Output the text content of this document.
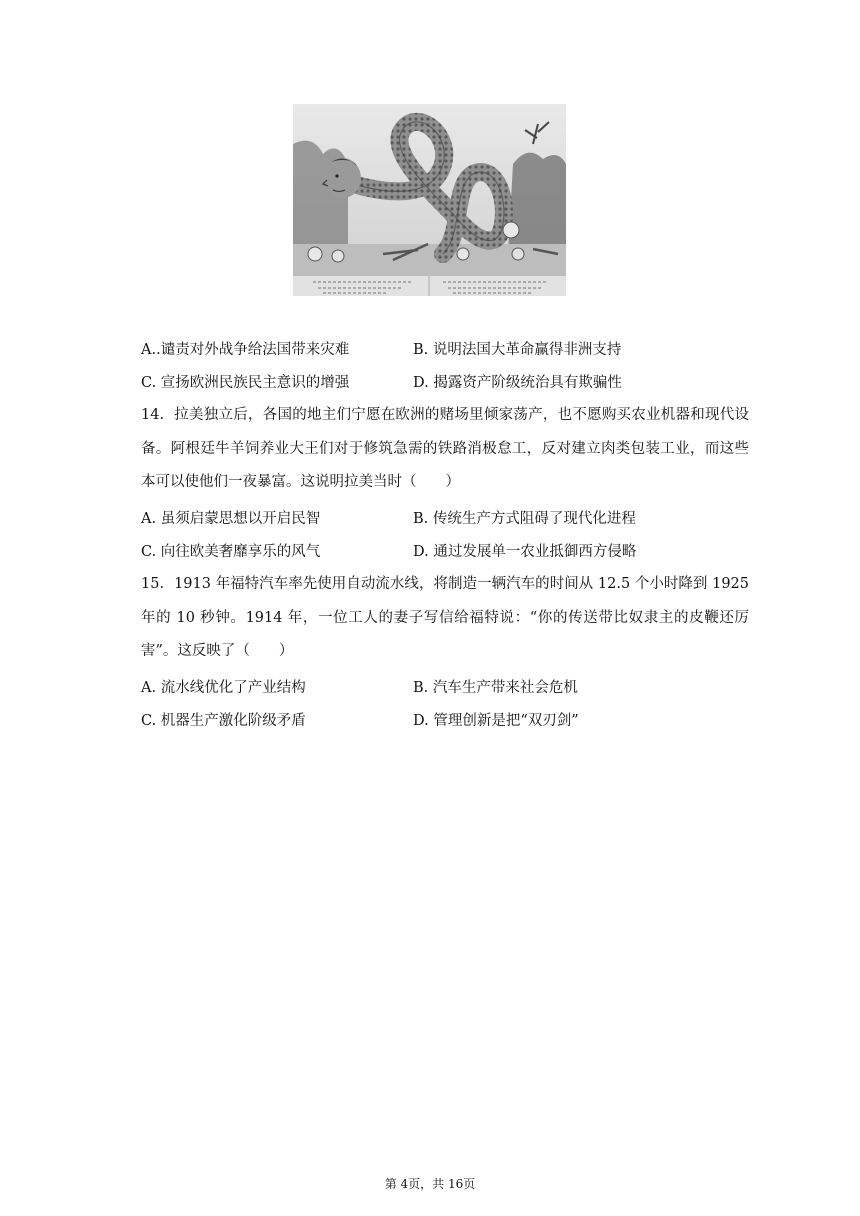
A..谴责对外战争给法国带来灾难	B. 说明法国大革命赢得非洲支持
C. 宣扬欧洲民族民主意识的增强	D. 揭露资产阶级统治具有欺骗性
14. 拉美独立后，各国的地主们宁愿在欧洲的赌场里倾家荡产，也不愿购买农业机器和现代设备。阿根廷牛羊饲养业大王们对于修筑急需的铁路消极怠工，反对建立肉类包装工业，而这些本可以使他们一夜暴富。这说明拉美当时（　　）
A. 虽须启蒙思想以开启民智	B. 传统生产方式阻碍了现代化进程
C. 向往欧美奢靡享乐的风气	D. 通过发展单一农业抵御西方侵略
15. 1913 年福特汽车率先使用自动流水线，将制造一辆汽车的时间从 12.5 个小时降到 1925 年的 10 秒钟。1914 年，一位工人的妻子写信给福特说：“你的传送带比奴隶主的皮鞭还厉害”。这反映了（　　）
A. 流水线优化了产业结构	B. 汽车生产带来社会危机
C. 机器生产激化阶级矛盾	D. 管理创新是把“双刃剑”
第 4页，共 16页
